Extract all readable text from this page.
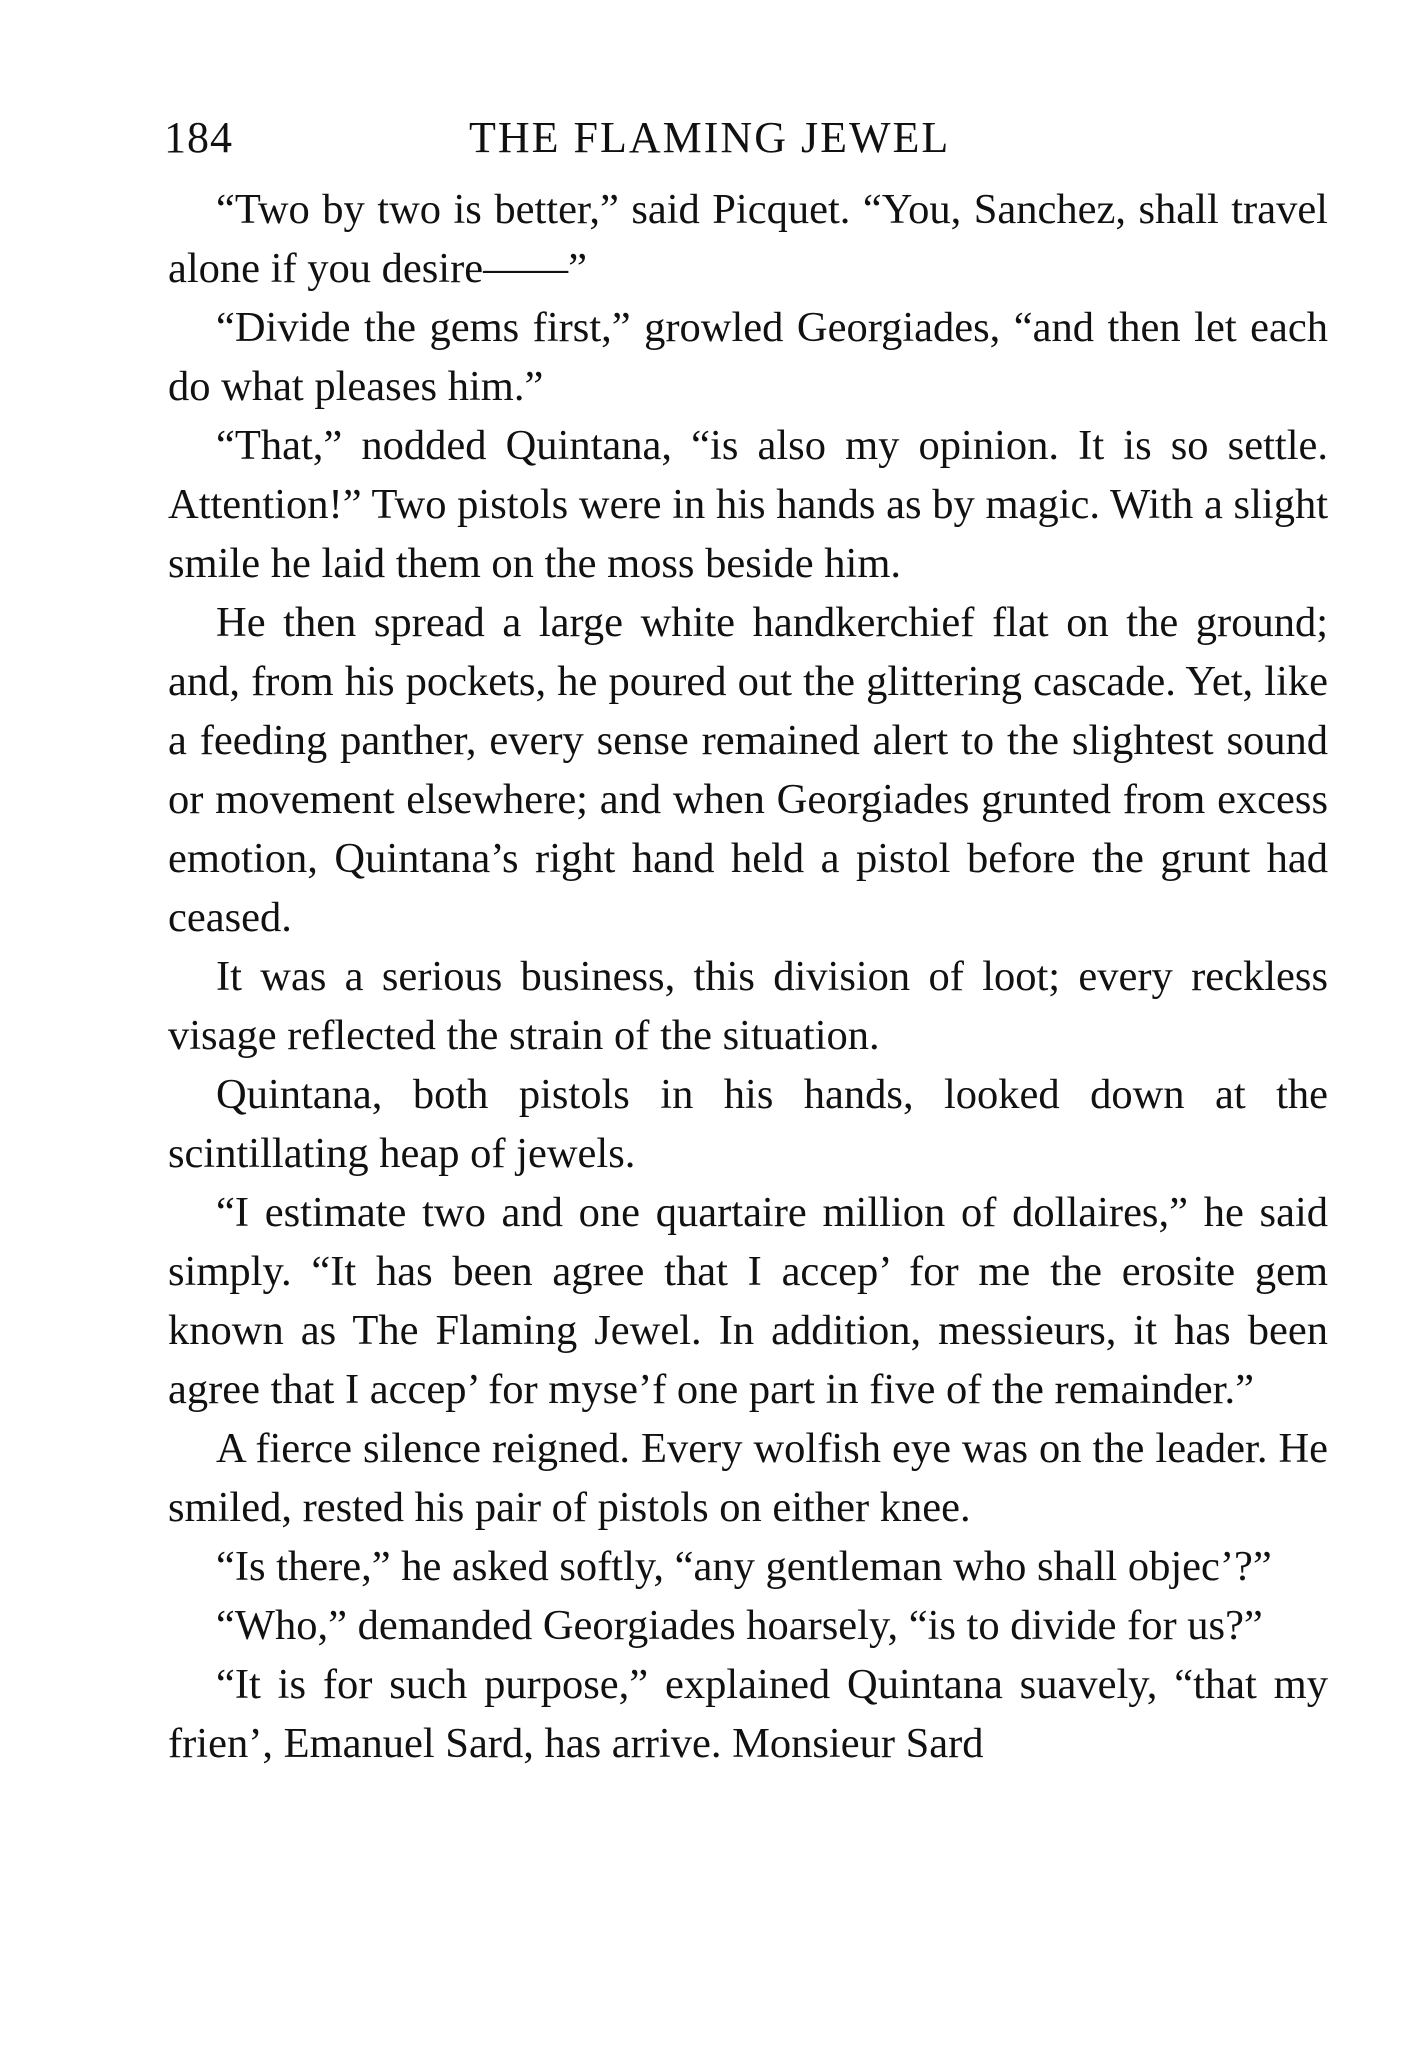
184	THE FLAMING JEWEL

“Two by two is better,” said Picquet. “You, Sanchez, shall travel alone if you desire——”

“Divide the gems first,” growled Georgiades, “and then let each do what pleases him.”

“That,” nodded Quintana, “is also my opinion. It is so settle. Attention!” Two pistols were in his hands as by magic. With a slight smile he laid them on the moss beside him.

He then spread a large white handkerchief flat on the ground; and, from his pockets, he poured out the glittering cascade. Yet, like a feeding panther, every sense remained alert to the slightest sound or movement elsewhere; and when Georgiades grunted from excess emotion, Quintana’s right hand held a pistol before the grunt had ceased.

It was a serious business, this division of loot; every reckless visage reflected the strain of the situation.

Quintana, both pistols in his hands, looked down at the scintillating heap of jewels.

“I estimate two and one quartaire million of dollaires,” he said simply. “It has been agree that I accep’ for me the erosite gem known as The Flaming Jewel. In addition, messieurs, it has been agree that I accep’ for myse’f one part in five of the remainder.”

A fierce silence reigned. Every wolfish eye was on the leader. He smiled, rested his pair of pistols on either knee.

“Is there,” he asked softly, “any gentleman who shall objec’?”

“Who,” demanded Georgiades hoarsely, “is to divide for us?”

“It is for such purpose,” explained Quintana suavely, “that my frien’, Emanuel Sard, has arrive. Monsieur Sard
